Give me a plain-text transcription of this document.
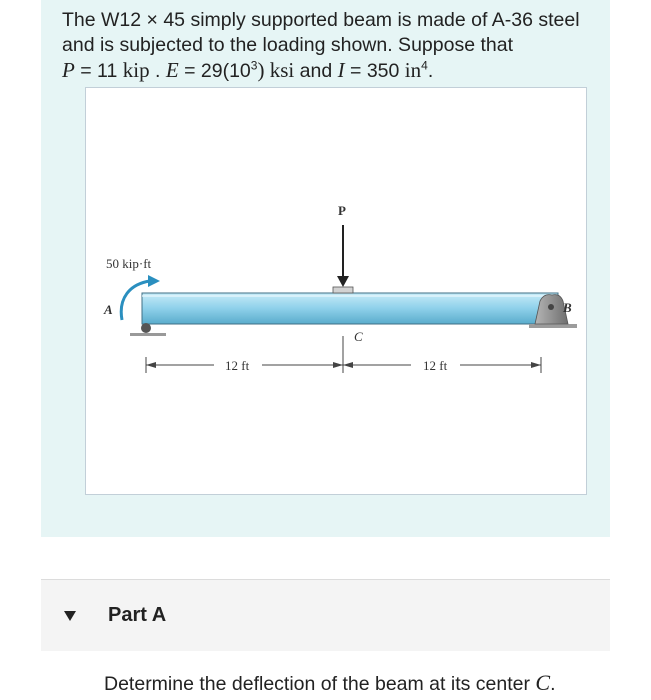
The W12 × 45 simply supported beam is made of A-36 steel and is subjected to the loading shown. Suppose that
P = 11 kip . $E = 29(10^3)$ ksi and I = 350 $in^4$.
P
50 kip·ft
A	B
C
12 ft	12 ft
Part A
Determine the deflection of the beam at its center C.
